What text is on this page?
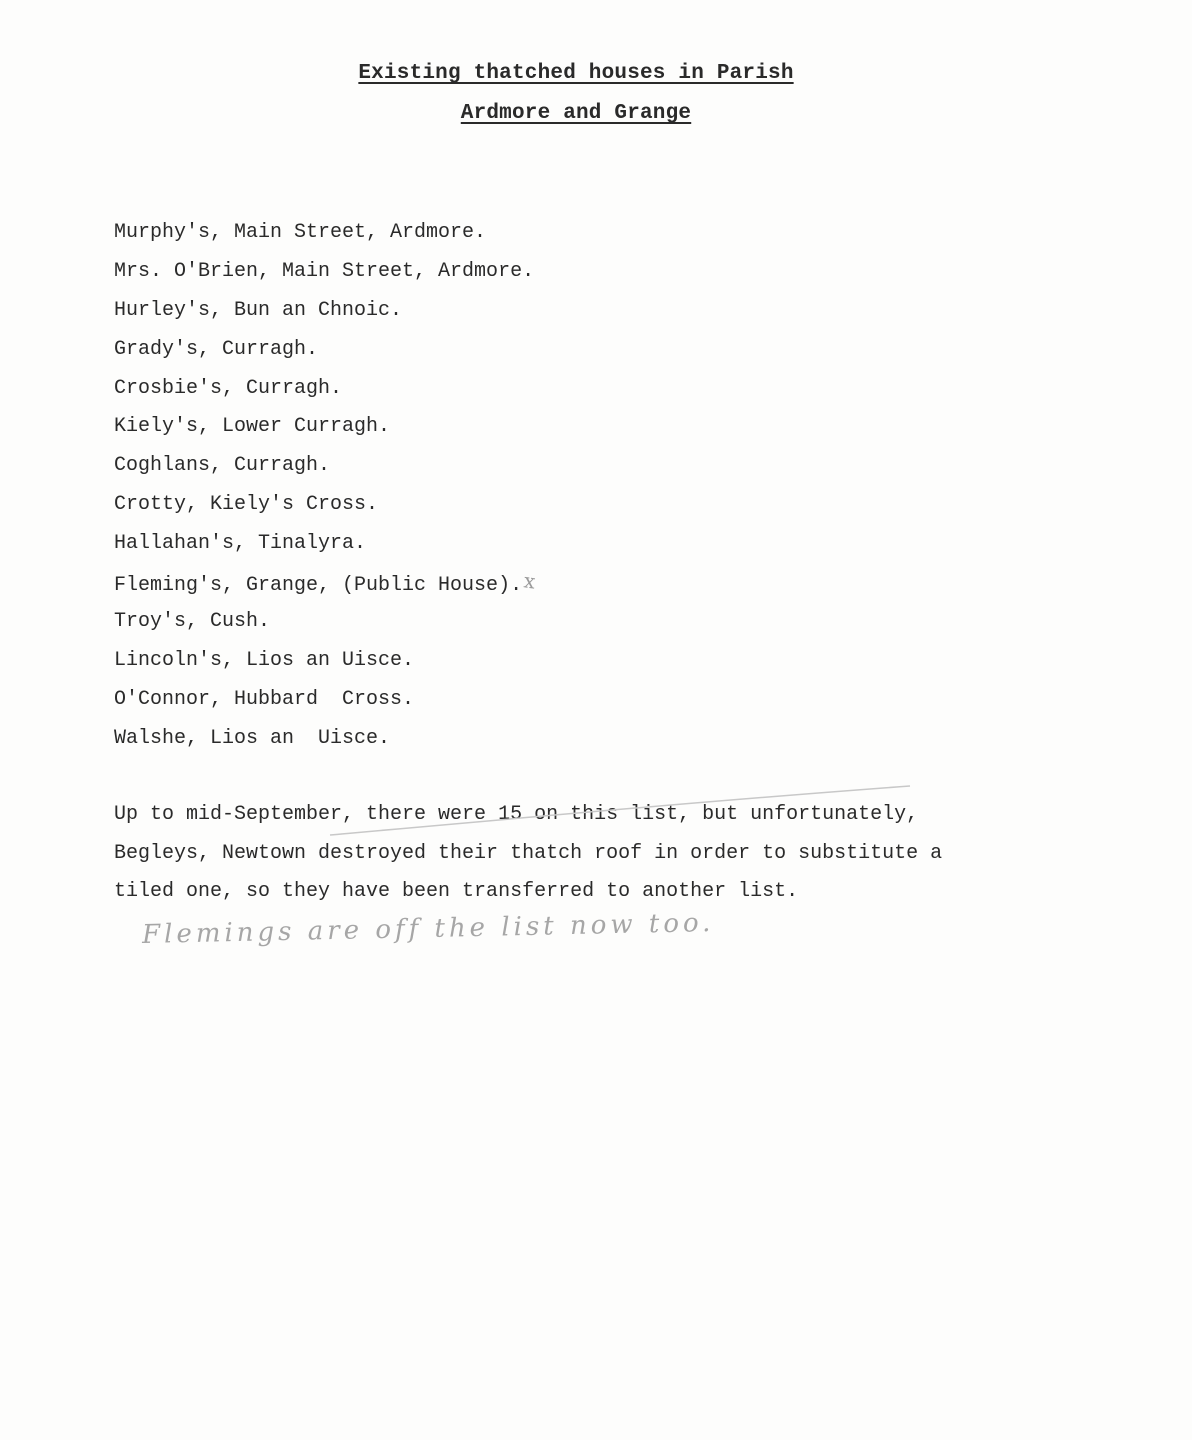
Existing thatched houses in Parish
Ardmore and Grange
Murphy's, Main Street, Ardmore.
Mrs. O'Brien, Main Street, Ardmore.
Hurley's, Bun an Chnoic.
Grady's, Curragh.
Crosbie's, Curragh.
Kiely's, Lower Curragh.
Coghlans, Curragh.
Crotty, Kiely's Cross.
Hallahan's, Tinalyra.
Fleming's, Grange, (Public House).x
Troy's, Cush.
Lincoln's, Lios an Uisce.
O'Connor, Hubbard  Cross.
Walshe, Lios an  Uisce.
Up to mid-September, there were 15 on this list, but unfortunately,
Begleys, Newtown destroyed their thatch roof in order to substitute a
tiled one, so they have been transferred to another list.
Flemings are off the list now too.
